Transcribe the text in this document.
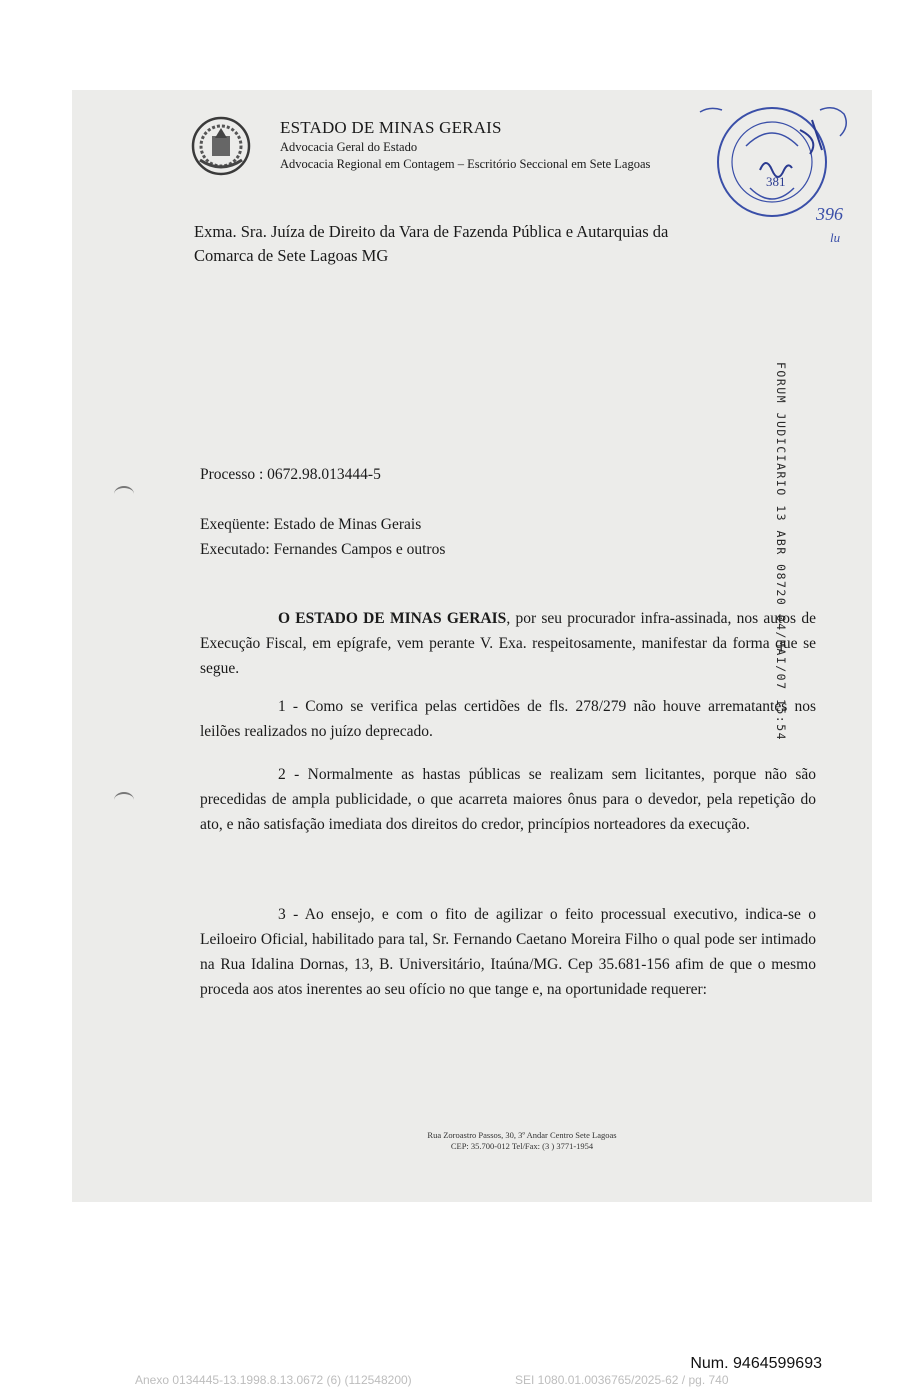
ESTADO DE MINAS GERAIS
Advocacia Geral do Estado
Advocacia Regional em Contagem – Escritório Seccional em Sete Lagoas
381
396
lu
Exma. Sra. Juíza de Direito da Vara de Fazenda Pública e Autarquias da
Comarca de Sete Lagoas MG
FORUM JUDICIARIO 13 ABR 08720 04/MAI/07 15:54
Processo : 0672.98.013444-5
Exeqüente: Estado de Minas Gerais
Executado: Fernandes Campos e outros
O ESTADO DE MINAS GERAIS, por seu procurador infra-assinada, nos autos de Execução Fiscal, em epígrafe, vem perante V. Exa. respeitosamente, manifestar da forma que se segue.
1 - Como se verifica pelas certidões de fls. 278/279 não houve arrematantes nos leilões realizados no juízo deprecado.
2 - Normalmente as hastas públicas se realizam sem licitantes, porque não são precedidas de ampla publicidade, o que acarreta maiores ônus para o devedor, pela repetição do ato, e não satisfação imediata dos direitos do credor, princípios norteadores da execução.
3 - Ao ensejo, e com o fito de agilizar o feito processual executivo, indica-se o Leiloeiro Oficial, habilitado para tal, Sr. Fernando Caetano Moreira Filho o qual pode ser intimado na Rua Idalina Dornas, 13, B. Universitário, Itaúna/MG. Cep 35.681-156 afim de que o mesmo proceda aos atos inerentes ao seu ofício no que tange e, na oportunidade requerer:
Rua Zoroastro Passos, 30, 3º Andar Centro Sete Lagoas
CEP: 35.700-012 Tel/Fax: (3 ) 3771-1954
Num. 9464599693
Anexo 0134445-13.1998.8.13.0672 (6) (112548200)	SEI 1080.01.0036765/2025-62 / pg. 740
